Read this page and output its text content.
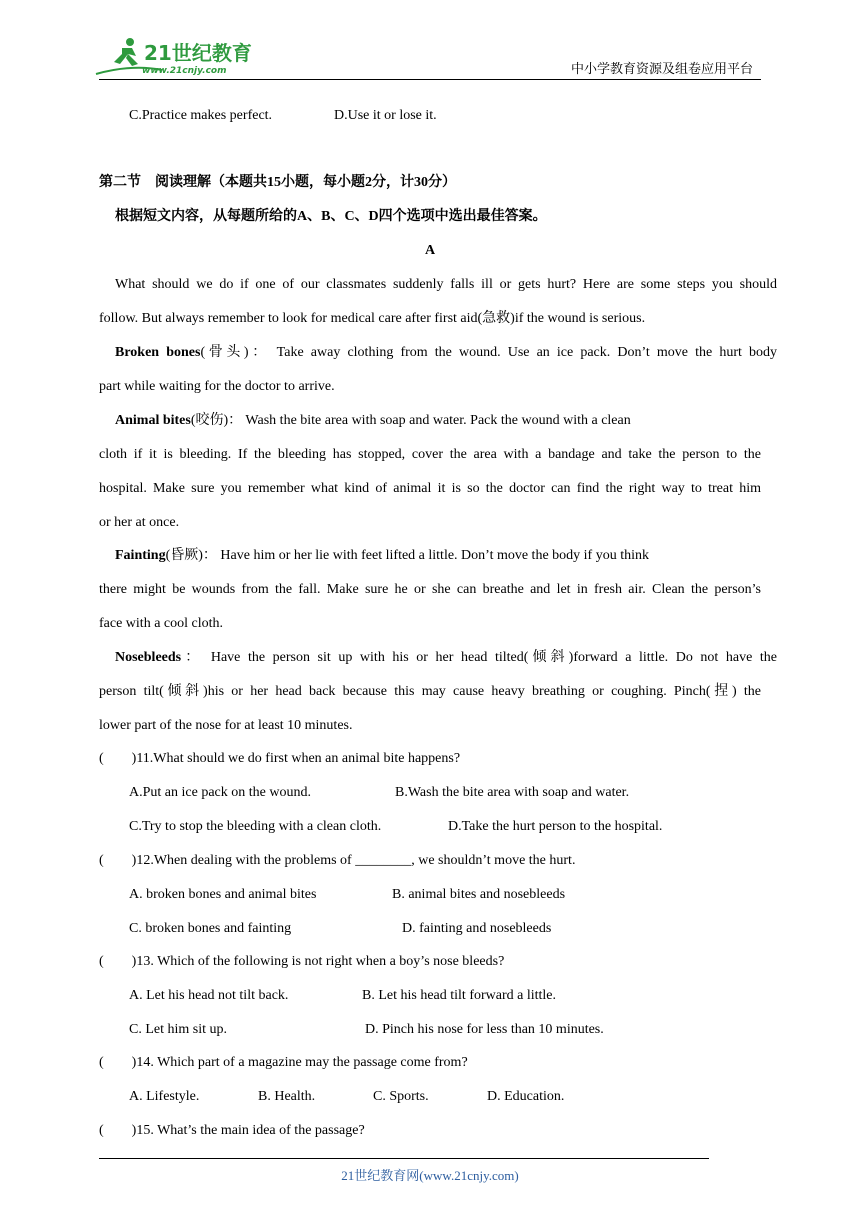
21世纪教育
www.21cnjy.com	中小学教育资源及组卷应用平台
C.Practice makes perfect.	D.Use it or lose it.
第二节　阅读理解（本题共15小题，每小题2分，计30分）
根据短文内容，从每题所给的A、B、C、D四个选项中选出最佳答案。
A
What should we do if one of our classmates suddenly falls ill or gets hurt? Here are some steps you should
follow. But always remember to look for medical care after first aid(急救)if the wound is serious.
Broken bones(骨头)： Take away clothing from the wound. Use an ice pack. Don’t move the hurt body
part while waiting for the doctor to arrive.
Animal bites(咬伤)： Wash the bite area with soap and water. Pack the wound with a clean
cloth if it is bleeding. If the bleeding has stopped, cover the area with a bandage and take the person to the
hospital. Make sure you remember what kind of animal it is so the doctor can find the right way to treat him
or her at once.
Fainting(昏厥)： Have him or her lie with feet lifted a little. Don’t move the body if you think
there might be wounds from the fall. Make sure he or she can breathe and let in fresh air. Clean the person’s
face with a cool cloth.
Nosebleeds： Have the person sit up with his or her head tilted(倾斜)forward a little. Do not have the
person tilt(倾斜)his or her head back because this may cause heavy breathing or coughing. Pinch(捏) the
lower part of the nose for at least 10 minutes.
(　　)11.What should we do first when an animal bite happens?
A.Put an ice pack on the wound.	B.Wash the bite area with soap and water.
C.Try to stop the bleeding with a clean cloth.	D.Take the hurt person to the hospital.
(　　)12.When dealing with the problems of ________, we shouldn’t move the hurt.
A. broken bones and animal bites	B. animal bites and nosebleeds
C. broken bones and fainting	D. fainting and nosebleeds
(　　)13. Which of the following is not right when a boy’s nose bleeds?
A. Let his head not tilt back.	B. Let his head tilt forward a little.
C. Let him sit up.	D. Pinch his nose for less than 10 minutes.
(　　)14. Which part of a magazine may the passage come from?
A. Lifestyle.	B. Health.	C. Sports.	D. Education.
(　　)15. What’s the main idea of the passage?
21世纪教育网(www.21cnjy.com)
